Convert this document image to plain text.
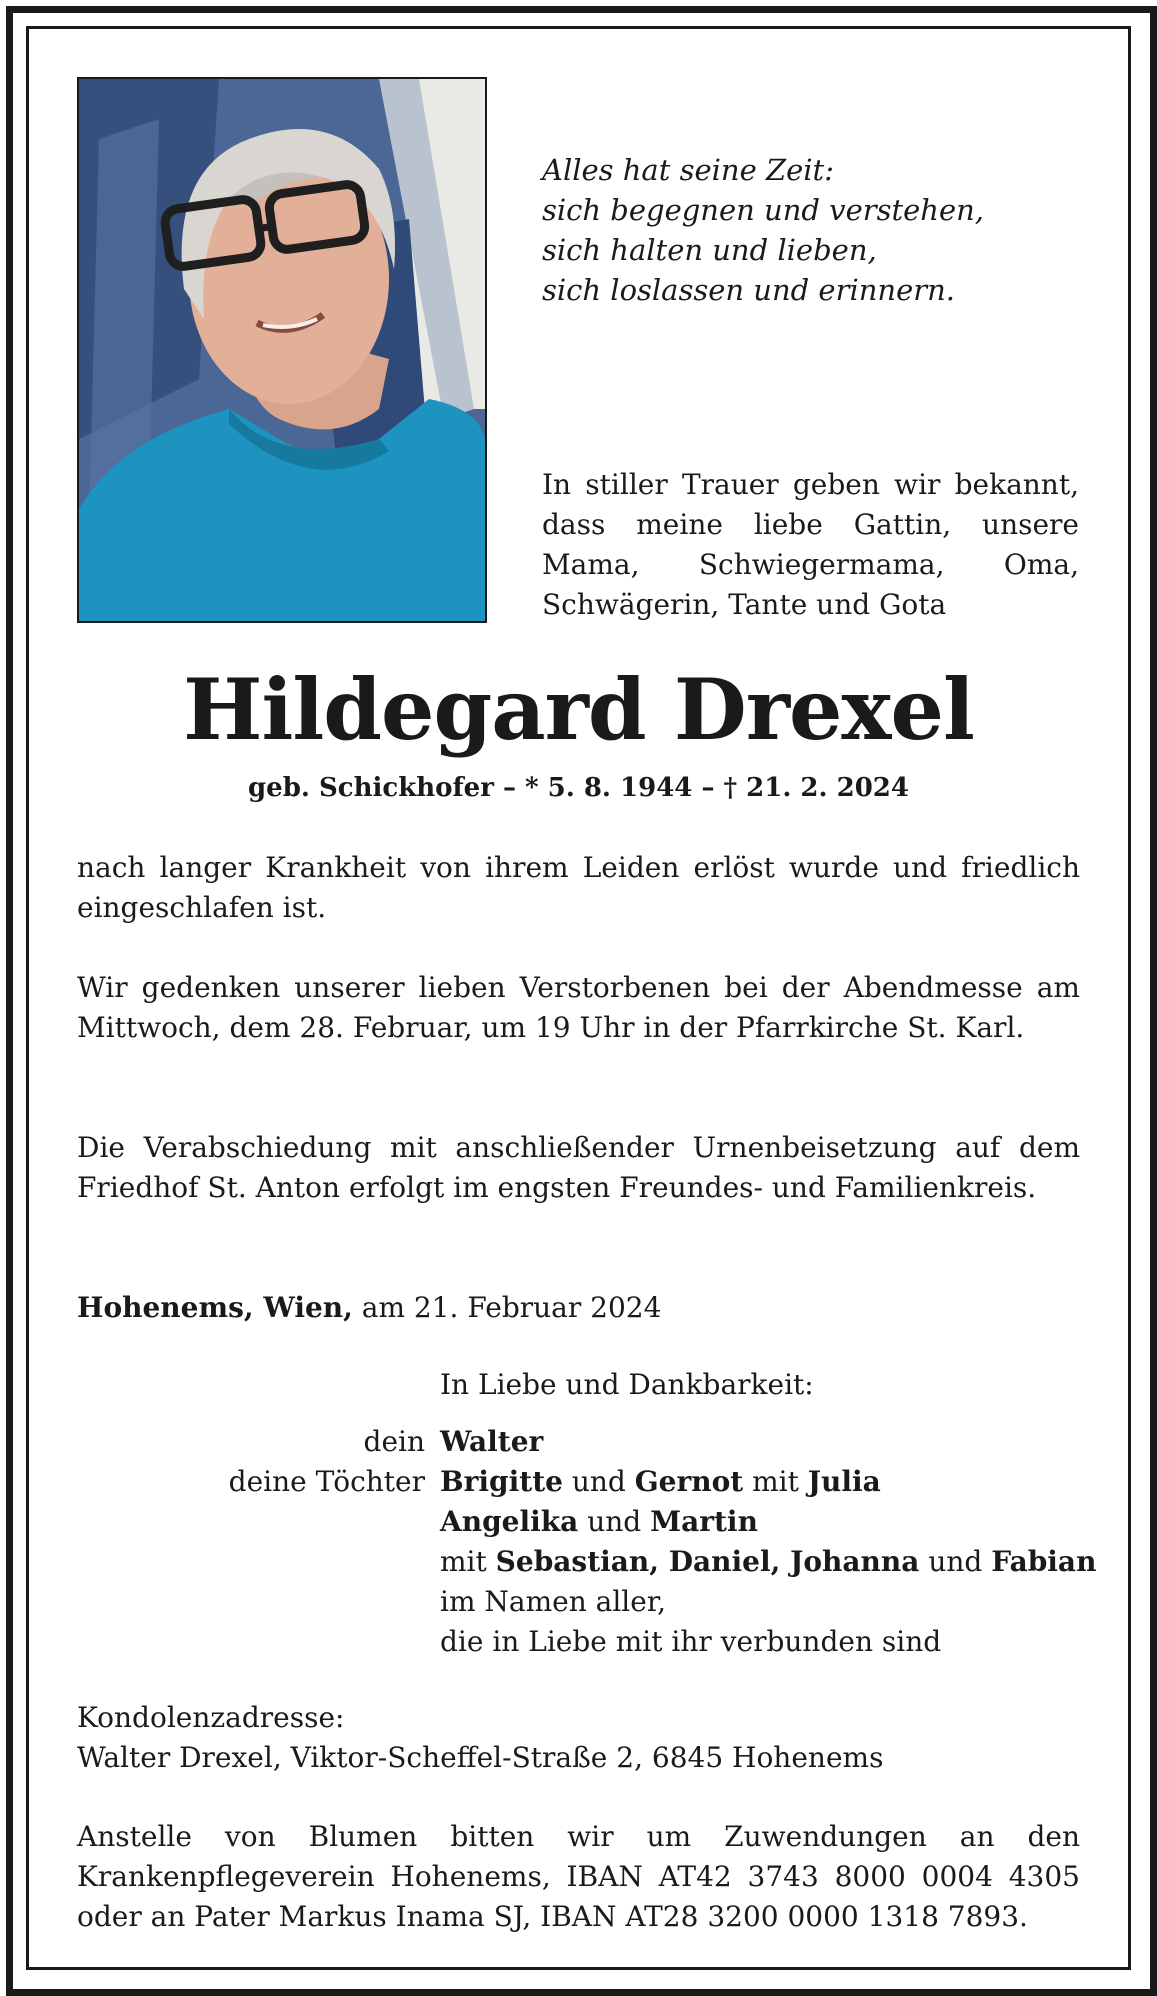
Alles hat seine Zeit:
sich begegnen und verstehen,
sich halten und lieben,
sich loslassen und erinnern.
In stiller Trauer geben wir bekannt, dass meine liebe Gattin, unsere Mama, Schwiegermama, Oma, Schwägerin, Tante und Gota
Hildegard Drexel
geb. Schickhofer – * 5. 8. 1944 – † 21. 2. 2024
nach langer Krankheit von ihrem Leiden erlöst wurde und friedlich eingeschlafen ist.
Wir gedenken unserer lieben Verstorbenen bei der Abendmesse am Mittwoch, dem 28. Februar, um 19 Uhr in der Pfarrkirche St. Karl.
Die Verabschiedung mit anschließender Urnenbeisetzung auf dem Friedhof St. Anton erfolgt im engsten Freundes- und Familienkreis.
Hohenems, Wien, am 21. Februar 2024
In Liebe und Dankbarkeit:
dein Walter
deine Töchter Brigitte und Gernot mit Julia
Angelika und Martin
mit Sebastian, Daniel, Johanna und Fabian
im Namen aller,
die in Liebe mit ihr verbunden sind
Kondolenzadresse:
Walter Drexel, Viktor-Scheffel-Straße 2, 6845 Hohenems
Anstelle von Blumen bitten wir um Zuwendungen an den
Krankenpflegeverein Hohenems, IBAN AT42 3743 8000 0004 4305
oder an Pater Markus Inama SJ, IBAN AT28 3200 0000 1318 7893.
